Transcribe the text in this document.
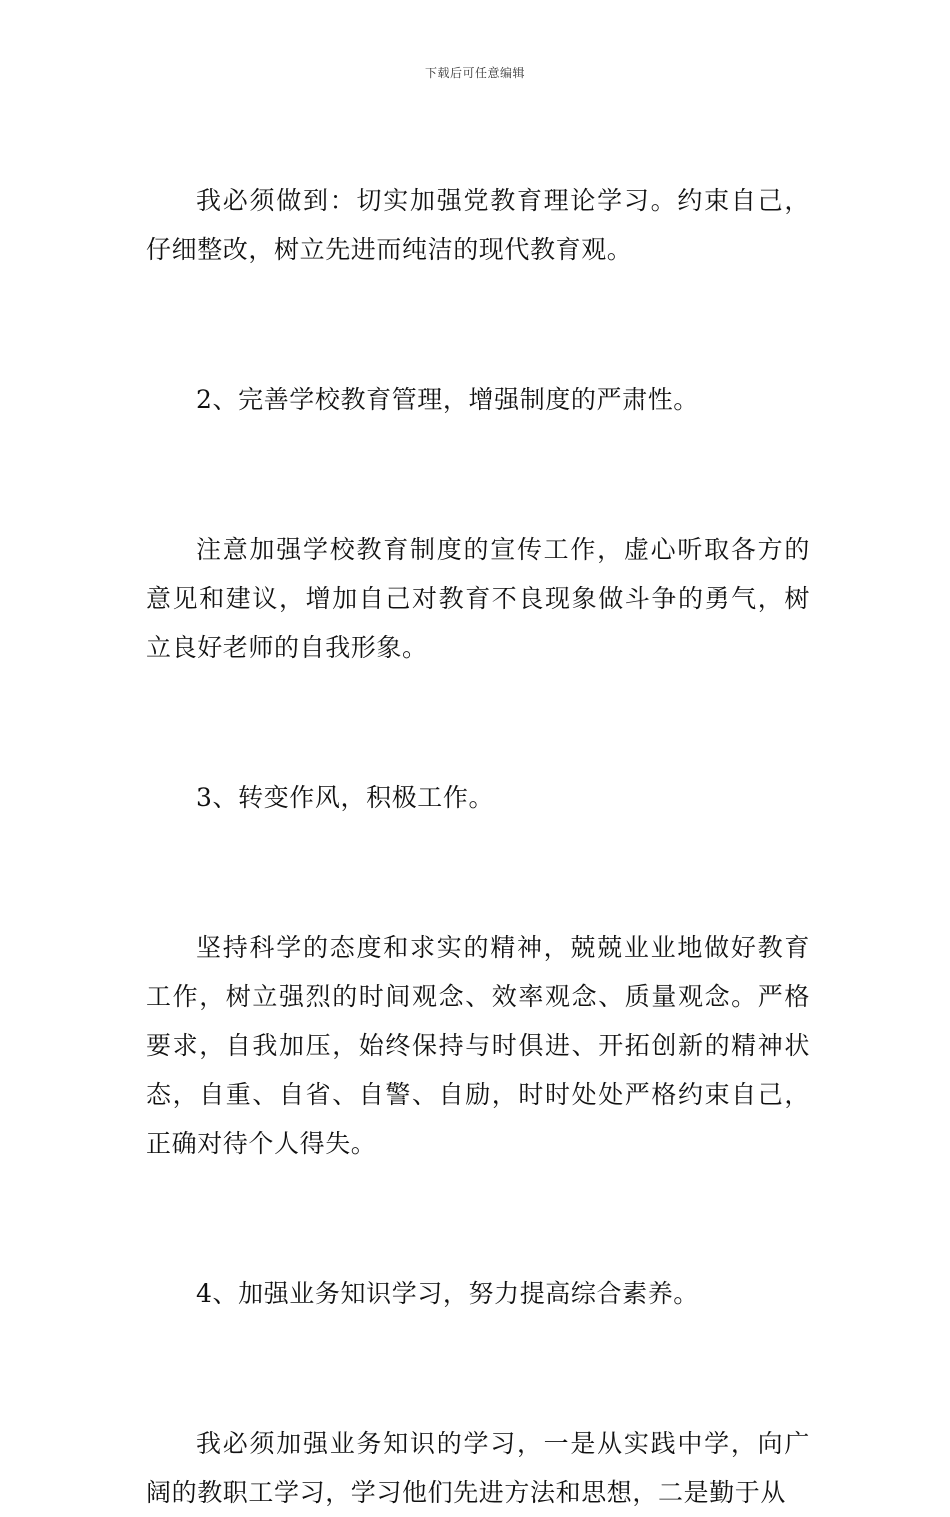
下载后可任意编辑

我必须做到：切实加强党教育理论学习。约束自己，仔细整改，树立先进而纯洁的现代教育观。

2、完善学校教育管理，增强制度的严肃性。

注意加强学校教育制度的宣传工作，虚心听取各方的意见和建议，增加自己对教育不良现象做斗争的勇气，树立良好老师的自我形象。

3、转变作风，积极工作。

坚持科学的态度和求实的精神，兢兢业业地做好教育工作，树立强烈的时间观念、效率观念、质量观念。严格要求，自我加压，始终保持与时俱进、开拓创新的精神状态，自重、自省、自警、自励，时时处处严格约束自己，正确对待个人得失。

4、加强业务知识学习，努力提高综合素养。

我必须加强业务知识的学习，一是从实践中学，向广阔的教职工学习，学习他们先进方法和思想，二是勤于从
